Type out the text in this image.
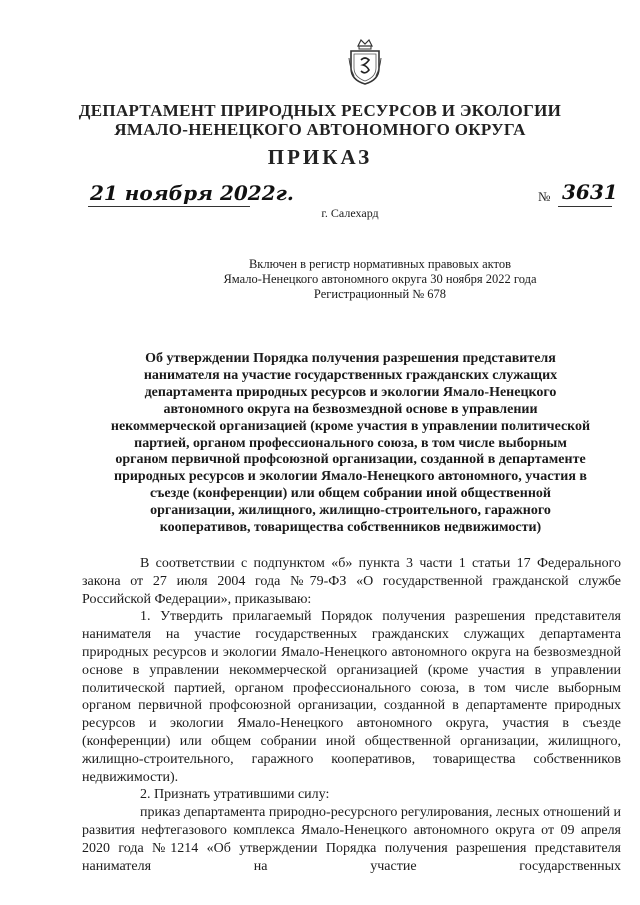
ДЕПАРТАМЕНТ ПРИРОДНЫХ РЕСУРСОВ И ЭКОЛОГИИ
ЯМАЛО-НЕНЕЦКОГО АВТОНОМНОГО ОКРУГА
ПРИКАЗ
21 ноября 2022г.	№ 3631
г. Салехард
Включен в регистр нормативных правовых актов
Ямало-Ненецкого автономного округа 30 ноября 2022 года
Регистрационный № 678
Об утверждении Порядка получения разрешения представителя
нанимателя на участие государственных гражданских служащих
департамента природных ресурсов и экологии Ямало-Ненецкого
автономного округа на безвозмездной основе в управлении
некоммерческой организацией (кроме участия в управлении политической
партией, органом профессионального союза, в том числе выборным
органом первичной профсоюзной организации, созданной в департаменте
природных ресурсов и экологии Ямало-Ненецкого автономного, участия в
съезде (конференции) или общем собрании иной общественной
организации, жилищного, жилищно-строительного, гаражного
кооперативов, товарищества собственников недвижимости)

В соответствии с подпунктом «б» пункта 3 части 1 статьи 17 Федерального закона от 27 июля 2004 года №79-ФЗ «О государственной гражданской службе Российской Федерации», приказываю:

1. Утвердить прилагаемый Порядок получения разрешения представителя нанимателя на участие государственных гражданских служащих департамента природных ресурсов и экологии Ямало-Ненецкого автономного округа на безвозмездной основе в управлении некоммерческой организацией (кроме участия в управлении политической партией, органом профессионального союза, в том числе выборным органом первичной профсоюзной организации, созданной в департаменте природных ресурсов и экологии Ямало-Ненецкого автономного округа, участия в съезде (конференции) или общем собрании иной общественной организации, жилищного, жилищно-строительного, гаражного кооперативов, товарищества собственников недвижимости).

2. Признать утратившими силу:

приказ департамента природно-ресурсного регулирования, лесных отношений и развития нефтегазового комплекса Ямало-Ненецкого автономного округа от 09 апреля 2020 года №1214 «Об утверждении Порядка получения разрешения представителя нанимателя на участие государственных
